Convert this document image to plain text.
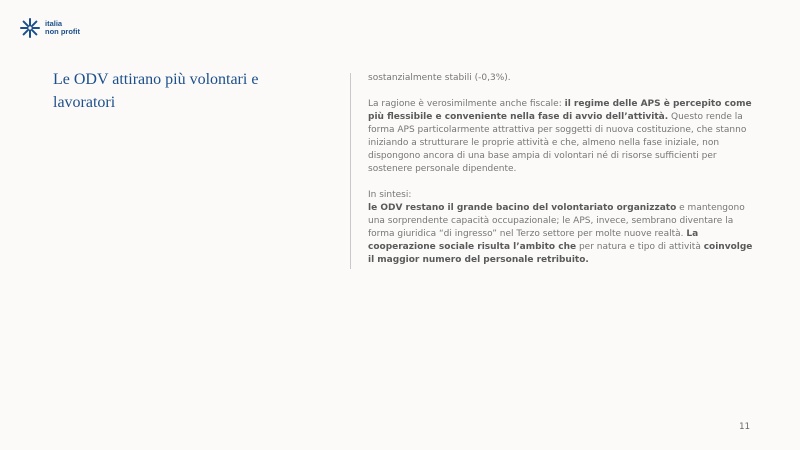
italia
non profit
Le ODV attirano più volontari e lavoratori

sostanzialmente stabili (-0,3%).

La ragione è verosimilmente anche fiscale: il regime delle APS è percepito come più flessibile e conveniente nella fase di avvio dell’attività. Questo rende la forma APS particolarmente attrattiva per soggetti di nuova costituzione, che stanno iniziando a strutturare le proprie attività e che, almeno nella fase iniziale, non dispongono ancora di una base ampia di volontari né di risorse sufficienti per sostenere personale dipendente.

In sintesi:
le ODV restano il grande bacino del volontariato organizzato e mantengono una sorprendente capacità occupazionale; le APS, invece, sembrano diventare la forma giuridica “di ingresso” nel Terzo settore per molte nuove realtà. La cooperazione sociale risulta l’ambito che per natura e tipo di attività coinvolge il maggior numero del personale retribuito.

11
